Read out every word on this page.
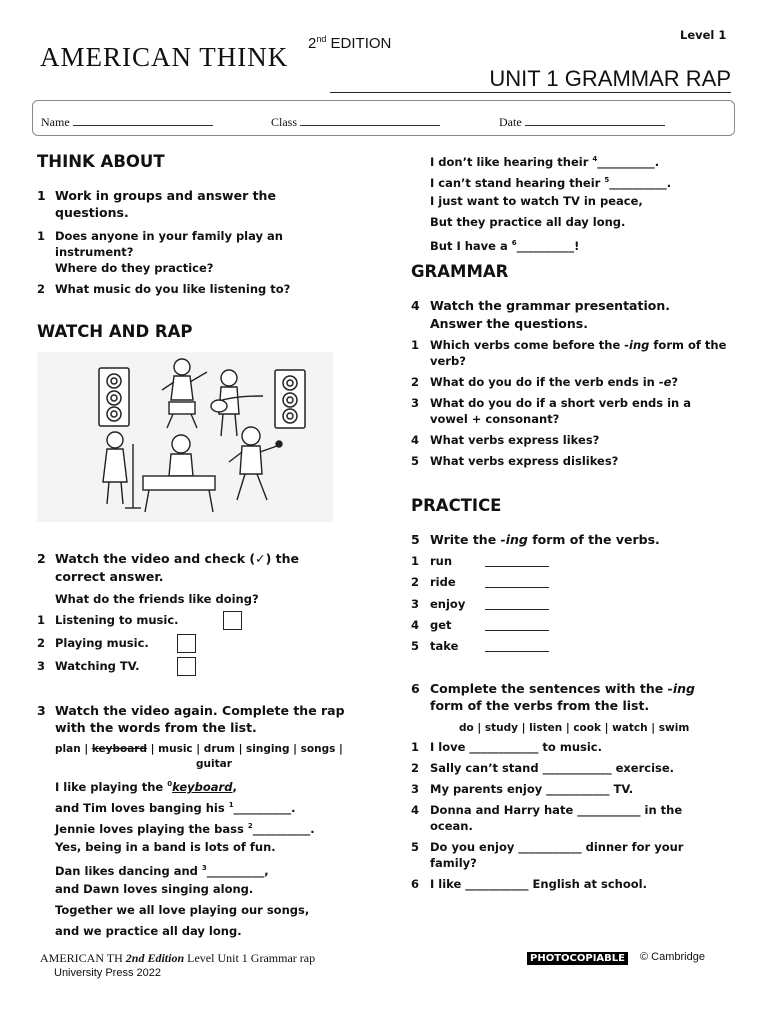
AMERICAN THINK 2nd EDITION	Level 1
UNIT 1 GRAMMAR RAP
Name	Class	Date
THINK ABOUT
1 Work in groups and answer the
questions.
1 Does anyone in your family play an
instrument?
Where do they practice?
2 What music do you like listening to?
WATCH AND RAP
2 Watch the video and check (✓) the
correct answer.
What do the friends like doing?
1 Listening to music.
2 Playing music.
3 Watching TV.
3 Watch the video again. Complete the rap
with the words from the list.
plan | keyboard | music | drum | singing | songs |
guitar
I like playing the $^0$keyboard,
and Tim loves banging his $^1$__________.
Jennie loves playing the bass $^2$__________.
Yes, being in a band is lots of fun.
Dan likes dancing and $^3$__________,
and Dawn loves singing along.
Together we all love playing our songs,
and we practice all day long.
I don’t like hearing their $^4$__________.
I can’t stand hearing their $^5$__________.
I just want to watch TV in peace,
But they practice all day long.
But I have a $^6$__________!
GRAMMAR
4 Watch the grammar presentation.
Answer the questions.
1 Which verbs come before the -ing form of the
verb?
2 What do you do if the verb ends in -e?
3 What do you do if a short verb ends in a
vowel + consonant?
4 What verbs express likes?
5 What verbs express dislikes?
PRACTICE
5 Write the -ing form of the verbs.
1 run
2 ride
3 enjoy
4 get
5 take
6 Complete the sentences with the -ing
form of the verbs from the list.
do | study | listen | cook | watch | swim
1 I love ____________ to music.
2 Sally can’t stand ____________ exercise.
3 My parents enjoy ___________ TV.
4 Donna and Harry hate ___________ in the
ocean.
5 Do you enjoy ___________ dinner for your
family?
6 I like ___________ English at school.
AMERICAN TH 2nd Edition Level Unit 1 Grammar rap
University Press 2022
PHOTOCOPIABLE © Cambridge
